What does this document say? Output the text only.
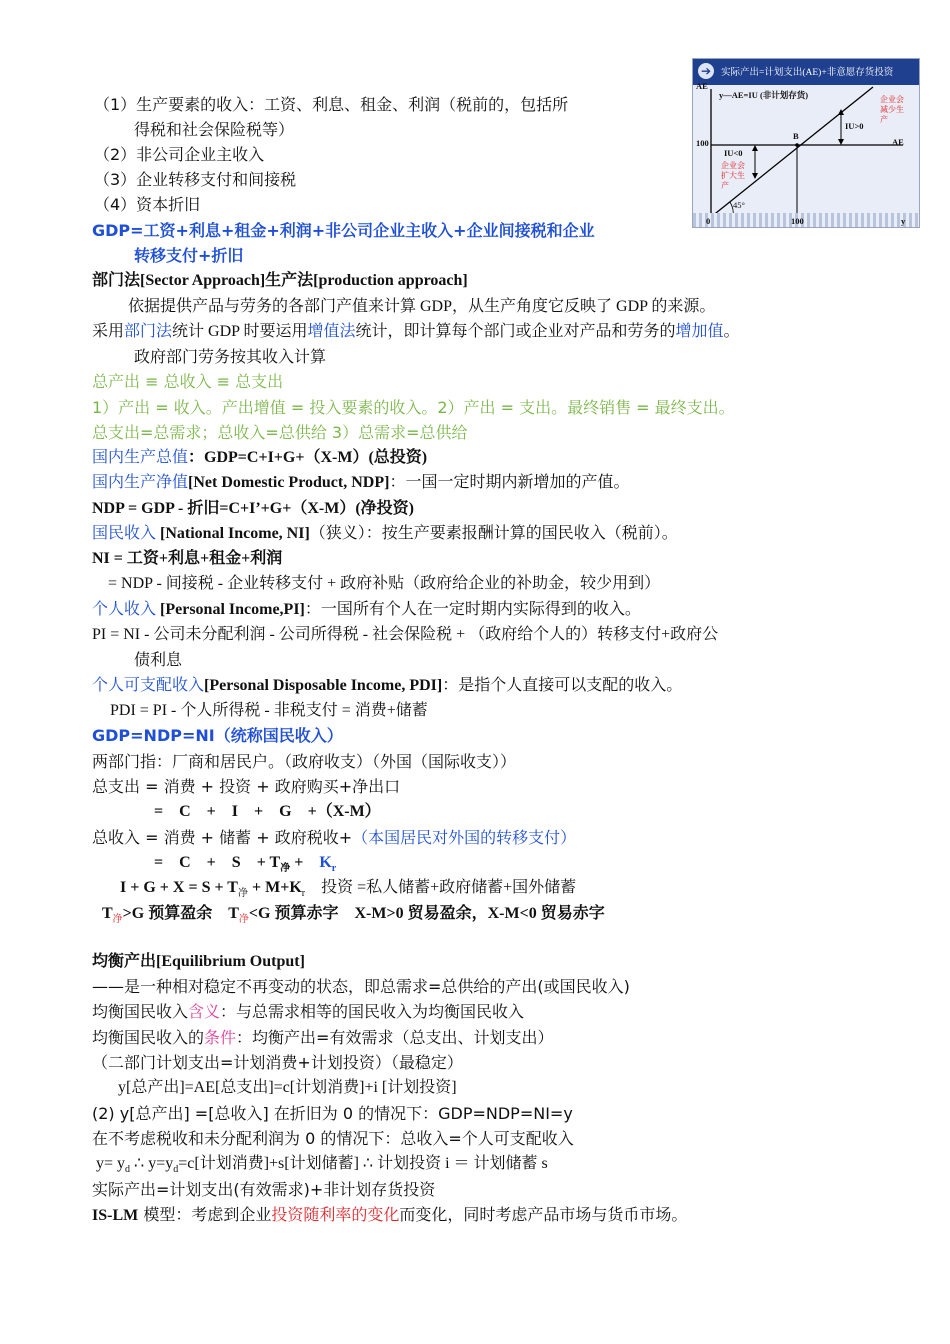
➔	实际产出=计划支出(AE)+非意愿存货投资
AE
y—AE=IU (非计划存货)
100	AE
B
IU>0
IU<0
企业会减少生产
企业会扩大生产
45°
0	100	y
（1）生产要素的收入：工资、利息、租金、利润（税前的，包括所
得税和社会保险税等）
（2）非公司企业主收入
（3）企业转移支付和间接税
（4）资本折旧
GDP=工资+利息+租金+利润+非公司企业主收入+企业间接税和企业
转移支付+折旧
部门法[Sector Approach]生产法[production approach]
依据提供产品与劳务的各部门产值来计算 GDP，从生产角度它反映了 GDP 的来源。
采用部门法统计 GDP 时要运用增值法统计，即计算每个部门或企业对产品和劳务的增加值。
政府部门劳务按其收入计算
总产出 ≡ 总收入 ≡ 总支出
1）产出 = 收入。产出增值 = 投入要素的收入。2）产出 = 支出。最终销售 = 最终支出。
总支出=总需求；总收入=总供给 3）总需求=总供给
国内生产总值：GDP=C+I+G+（X-M）(总投资)
国内生产净值[Net Domestic Product, NDP]：一国一定时期内新增加的产值。
NDP = GDP - 折旧=C+I’+G+（X-M）(净投资)
国民收入 [National Income, NI]（狭义）：按生产要素报酬计算的国民收入（税前）。
NI = 工资+利息+租金+利润
= NDP - 间接税 - 企业转移支付 + 政府补贴（政府给企业的补助金，较少用到）
个人收入 [Personal Income,PI]：一国所有个人在一定时期内实际得到的收入。
PI = NI - 公司未分配利润 - 公司所得税 - 社会保险税 + （政府给个人的）转移支付+政府公
债利息
个人可支配收入[Personal Disposable Income, PDI]：是指个人直接可以支配的收入。
PDI = PI - 个人所得税 - 非税支付 = 消费+储蓄
GDP=NDP=NI（统称国民收入）
两部门指：厂商和居民户。（政府收支）（外国（国际收支））
总支出 = 消费 + 投资 + 政府购买+净出口
=　C　+　I　+　G　+（X-M）
总收入 = 消费 + 储蓄 + 政府税收+（本国居民对外国的转移支付）
=　C　+　S　+ $T_净$ +　$K_r$
$I + G + X = S + T_净 + M+K_r$　投资 =私人储蓄+政府储蓄+国外储蓄
$T_净>G$ 预算盈余　$T_净<G$ 预算赤字　X-M>0 贸易盈余，X-M<0 贸易赤字
均衡产出[Equilibrium Output]
——是一种相对稳定不再变动的状态，即总需求=总供给的产出(或国民收入)
均衡国民收入含义：与总需求相等的国民收入为均衡国民收入
均衡国民收入的条件：均衡产出=有效需求（总支出、计划支出）
（二部门计划支出=计划消费+计划投资）（最稳定）
y[总产出]=AE[总支出]=c[计划消费]+i [计划投资]
(2) y[总产出] =[总收入] 在折旧为 0 的情况下：GDP=NDP=NI=y
在不考虑税收和未分配利润为 0 的情况下：总收入=个人可支配收入
$y= y_d$ ∴ $y=y_d=c$[计划消费]+s[计划储蓄] ∴ 计划投资 i ＝ 计划储蓄 s
实际产出=计划支出(有效需求)+非计划存货投资
IS-LM 模型：考虑到企业投资随利率的变化而变化，同时考虑产品市场与货币市场。
